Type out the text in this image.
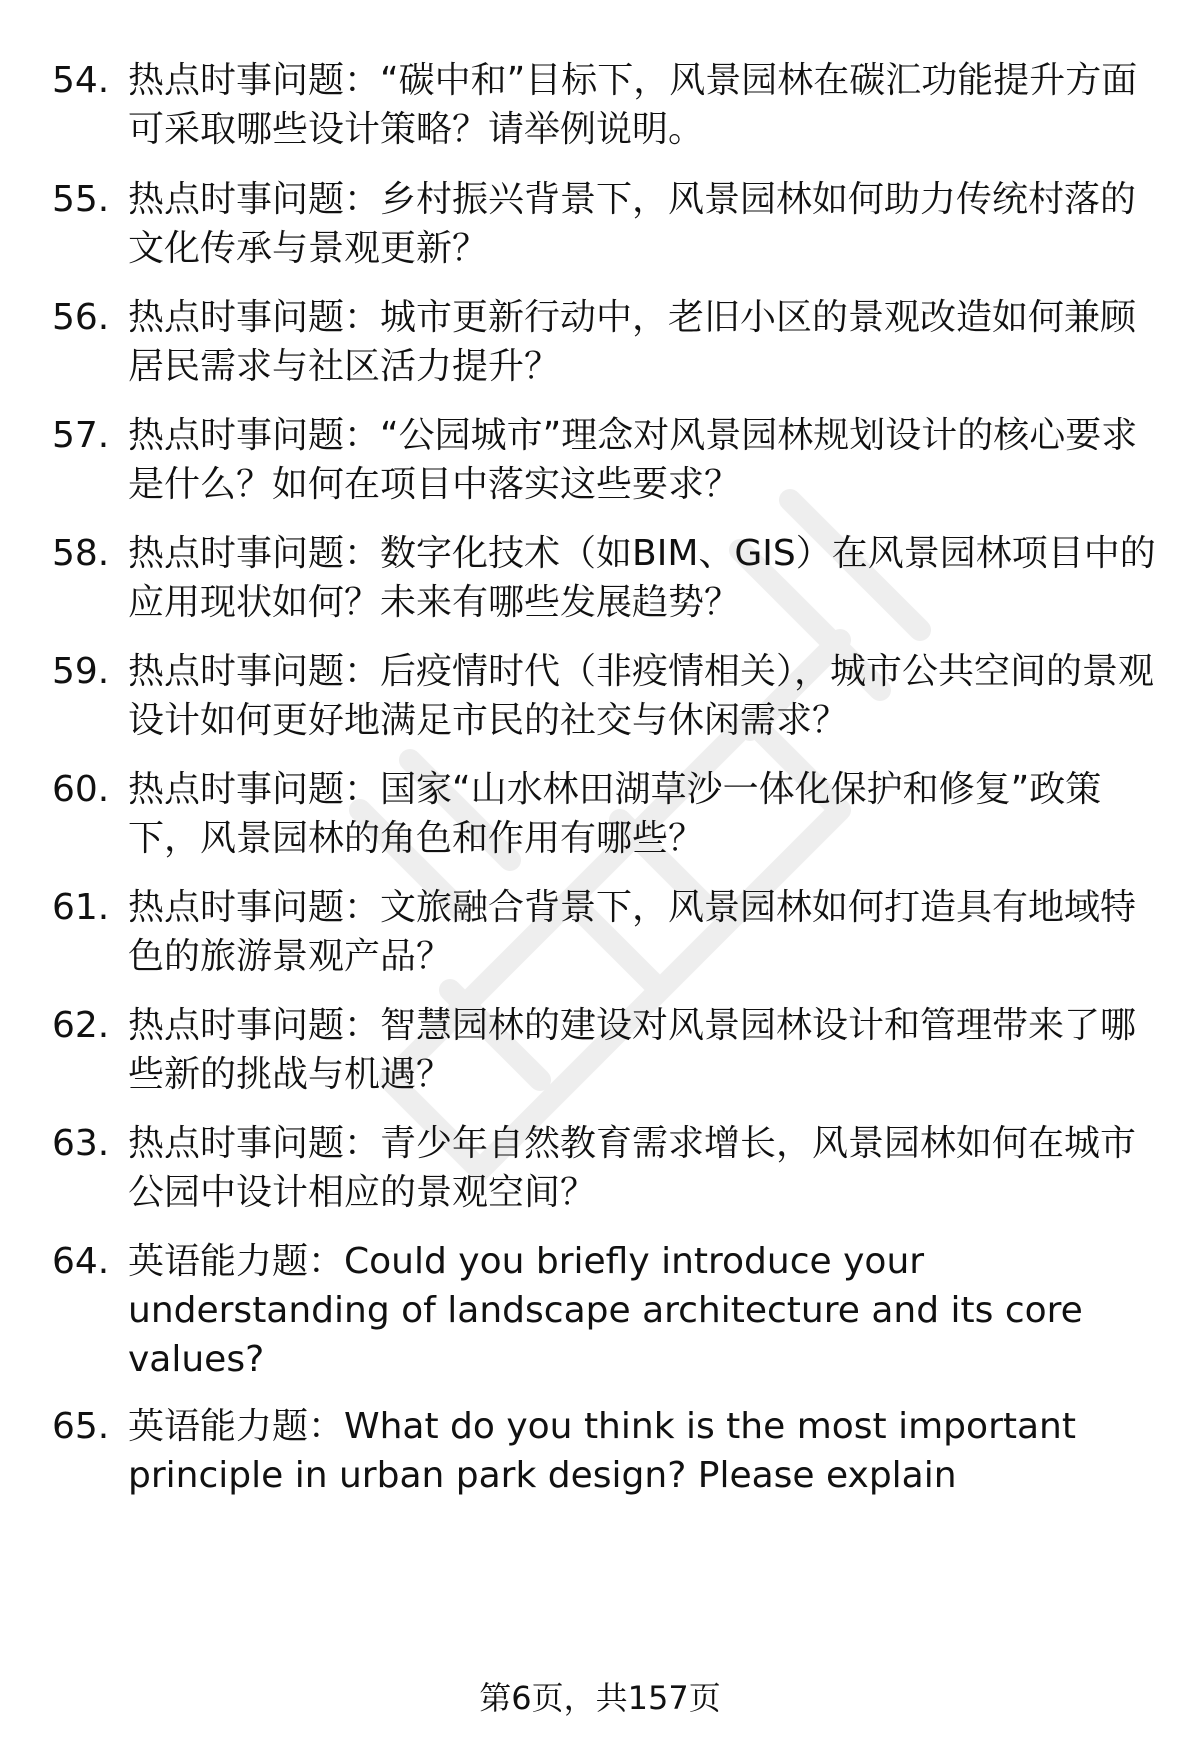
54. 热点时事问题：“碳中和”目标下，风景园林在碳汇功能提升方面可采取哪些设计策略？请举例说明。
55. 热点时事问题：乡村振兴背景下，风景园林如何助力传统村落的文化传承与景观更新？
56. 热点时事问题：城市更新行动中，老旧小区的景观改造如何兼顾居民需求与社区活力提升？
57. 热点时事问题：“公园城市”理念对风景园林规划设计的核心要求是什么？如何在项目中落实这些要求？
58. 热点时事问题：数字化技术（如BIM、GIS）在风景园林项目中的应用现状如何？未来有哪些发展趋势？
59. 热点时事问题：后疫情时代（非疫情相关），城市公共空间的景观设计如何更好地满足市民的社交与休闲需求？
60. 热点时事问题：国家“山水林田湖草沙一体化保护和修复”政策下，风景园林的角色和作用有哪些？
61. 热点时事问题：文旅融合背景下，风景园林如何打造具有地域特色的旅游景观产品？
62. 热点时事问题：智慧园林的建设对风景园林设计和管理带来了哪些新的挑战与机遇？
63. 热点时事问题：青少年自然教育需求增长，风景园林如何在城市公园中设计相应的景观空间？
64. 英语能力题：Could you briefly introduce your understanding of landscape architecture and its core values?
65. 英语能力题：What do you think is the most important principle in urban park design? Please explain
第6页，共157页
